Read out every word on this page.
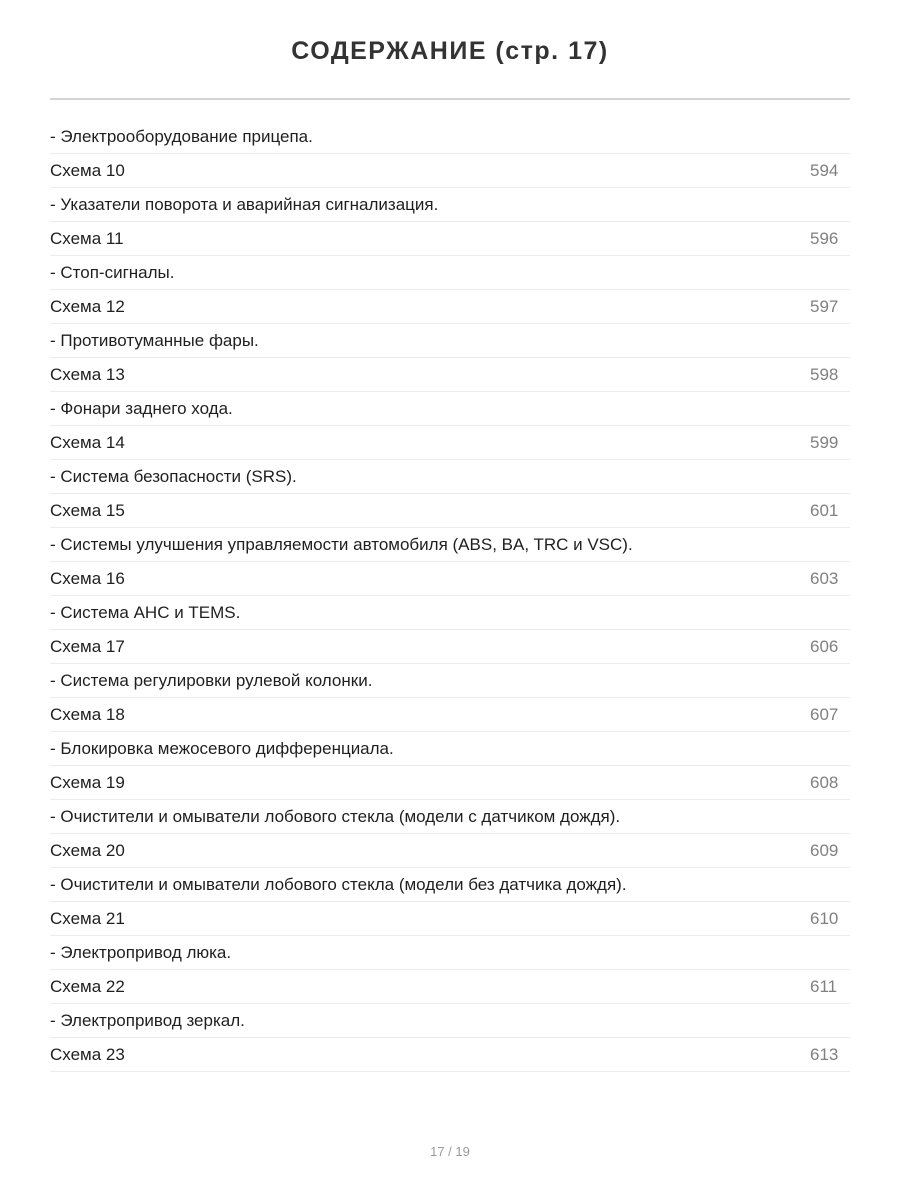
СОДЕРЖАНИЕ (стр. 17)
- Электрооборудование прицепа.
Схема 10	594
- Указатели поворота и аварийная сигнализация.
Схема 11	596
- Стоп-сигналы.
Схема 12	597
- Противотуманные фары.
Схема 13	598
- Фонари заднего хода.
Схема 14	599
- Система безопасности (SRS).
Схема 15	601
- Системы улучшения управляемости автомобиля (ABS, BA, TRC и VSC).
Схема 16	603
- Система AHC и TEMS.
Схема 17	606
- Система регулировки рулевой колонки.
Схема 18	607
- Блокировка межосевого дифференциала.
Схема 19	608
- Очистители и омыватели лобового стекла (модели с датчиком дождя).
Схема 20	609
- Очистители и омыватели лобового стекла (модели без датчика дождя).
Схема 21	610
- Электропривод люка.
Схема 22	611
- Электропривод зеркал.
Схема 23	613
17 / 19
